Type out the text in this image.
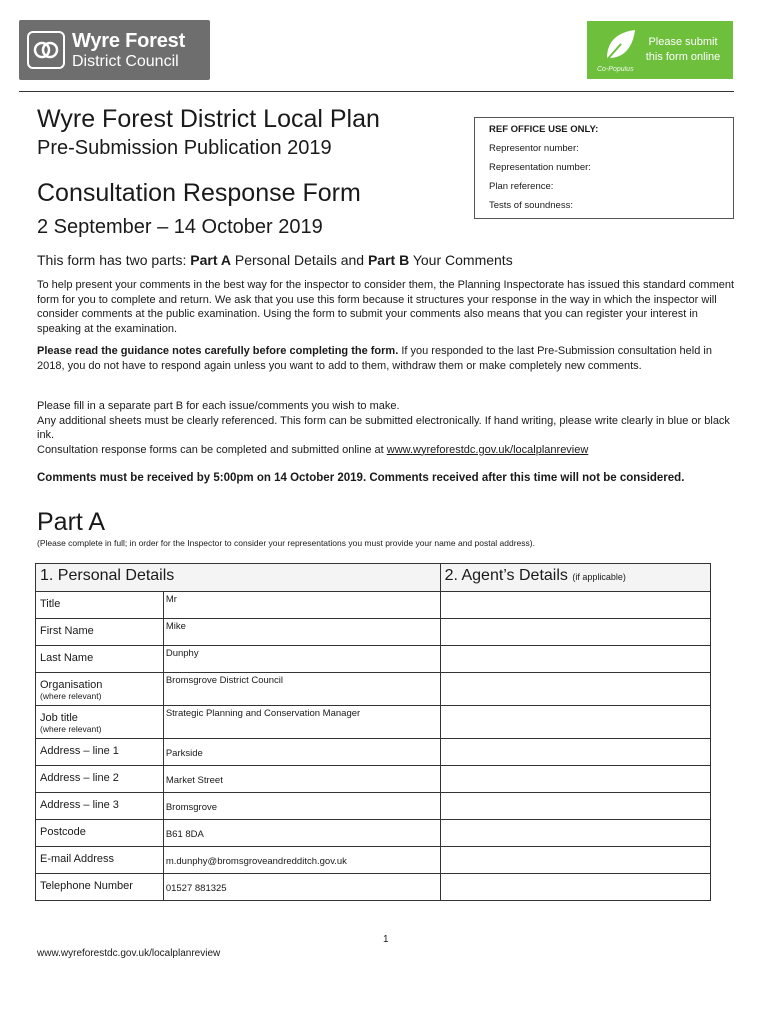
Wyre Forest
District Council
Please submit this form online
Co-Populus
Wyre Forest District Local Plan
Pre-Submission Publication 2019
Consultation Response Form
2 September – 14 October 2019
REF OFFICE USE ONLY:
Representor number:
Representation number:
Plan reference:
Tests of soundness:
This form has two parts: Part A Personal Details and Part B Your Comments
To help present your comments in the best way for the inspector to consider them, the Planning Inspectorate has issued this standard comment form for you to complete and return. We ask that you use this form because it structures your response in the way in which the inspector will consider comments at the public examination. Using the form to submit your comments also means that you can register your interest in speaking at the examination.
Please read the guidance notes carefully before completing the form. If you responded to the last Pre-Submission consultation held in 2018, you do not have to respond again unless you want to add to them, withdraw them or make completely new comments.
Please fill in a separate part B for each issue/comments you wish to make.
Any additional sheets must be clearly referenced. This form can be submitted electronically. If hand writing, please write clearly in blue or black ink.
Consultation response forms can be completed and submitted online at www.wyreforestdc.gov.uk/localplanreview
Comments must be received by 5:00pm on 14 October 2019. Comments received after this time will not be considered.
Part A
(Please complete in full; in order for the Inspector to consider your representations you must provide your name and postal address).
1. Personal Details		2. Agent’s Details (if applicable)
Title	Mr	
First Name	Mike	
Last Name	Dunphy	
Organisation
(where relevant)	Bromsgrove District Council	
Job title
(where relevant)	Strategic Planning and Conservation Manager	
Address – line 1	Parkside	
Address – line 2	Market Street	
Address – line 3	Bromsgrove	
Postcode	B61 8DA	
E-mail Address	m.dunphy@bromsgroveandredditch.gov.uk	
Telephone Number	01527 881325	
1
www.wyreforestdc.gov.uk/localplanreview
